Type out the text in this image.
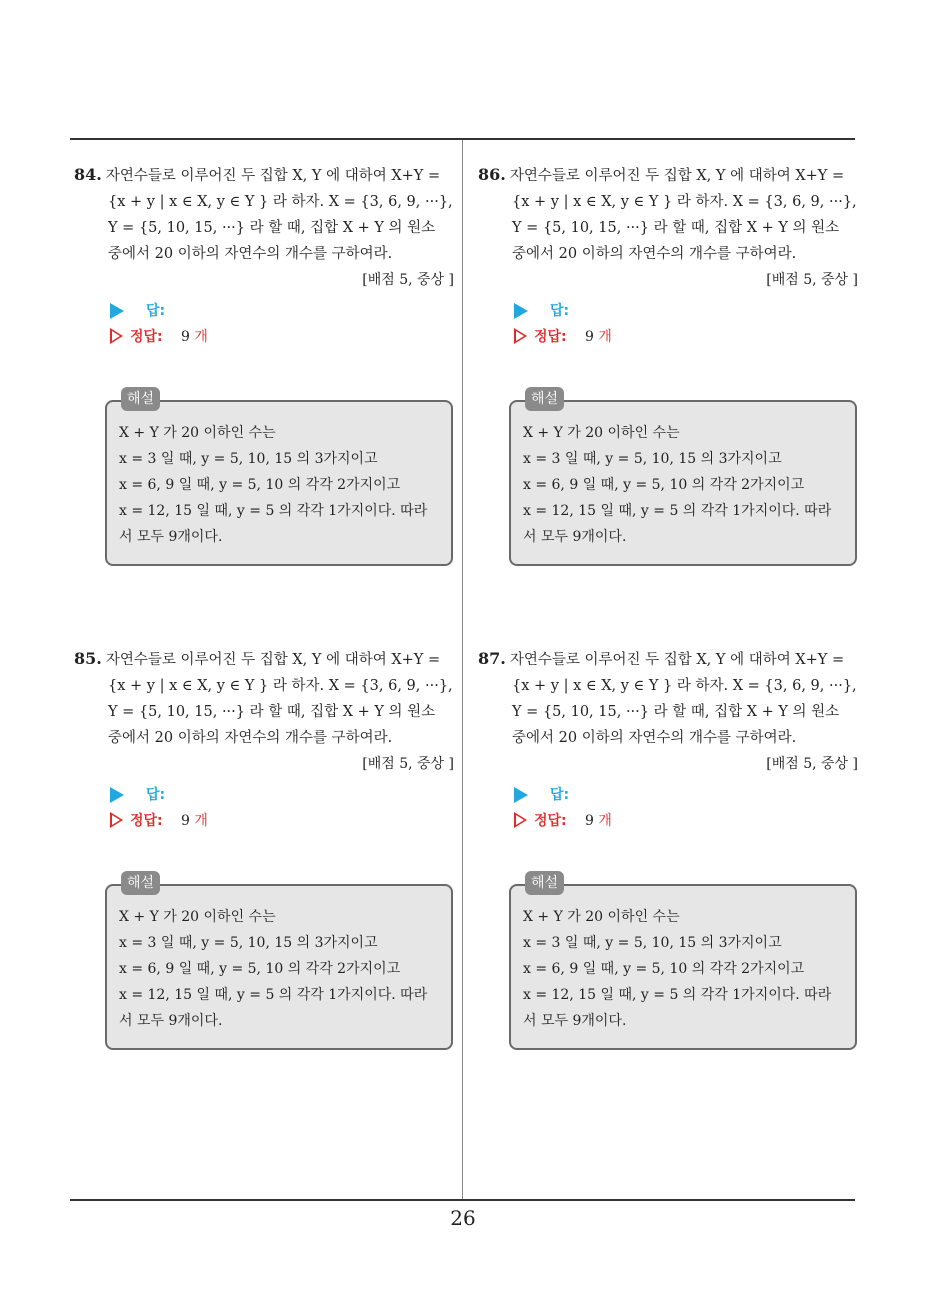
84. 자연수들로 이루어진 두 집합 X, Y 에 대하여 X+Y =
{x + y | x ∈ X, y ∈ Y } 라 하자. X = {3, 6, 9, ···},
Y = {5, 10, 15, ···} 라 할 때, 집합 X + Y 의 원소
중에서 20 이하의 자연수의 개수를 구하여라.
[배점 5, 중상 ]
답:
정답: 9 개
해설
X + Y 가 20 이하인 수는
x = 3 일 때, y = 5, 10, 15 의 3가지이고
x = 6, 9 일 때, y = 5, 10 의 각각 2가지이고
x = 12, 15 일 때, y = 5 의 각각 1가지이다. 따라
서 모두 9개이다.
86. 자연수들로 이루어진 두 집합 X, Y 에 대하여 X+Y =
{x + y | x ∈ X, y ∈ Y } 라 하자. X = {3, 6, 9, ···},
Y = {5, 10, 15, ···} 라 할 때, 집합 X + Y 의 원소
중에서 20 이하의 자연수의 개수를 구하여라.
[배점 5, 중상 ]
답:
정답: 9 개
해설
X + Y 가 20 이하인 수는
x = 3 일 때, y = 5, 10, 15 의 3가지이고
x = 6, 9 일 때, y = 5, 10 의 각각 2가지이고
x = 12, 15 일 때, y = 5 의 각각 1가지이다. 따라
서 모두 9개이다.
85. 자연수들로 이루어진 두 집합 X, Y 에 대하여 X+Y =
{x + y | x ∈ X, y ∈ Y } 라 하자. X = {3, 6, 9, ···},
Y = {5, 10, 15, ···} 라 할 때, 집합 X + Y 의 원소
중에서 20 이하의 자연수의 개수를 구하여라.
[배점 5, 중상 ]
답:
정답: 9 개
해설
X + Y 가 20 이하인 수는
x = 3 일 때, y = 5, 10, 15 의 3가지이고
x = 6, 9 일 때, y = 5, 10 의 각각 2가지이고
x = 12, 15 일 때, y = 5 의 각각 1가지이다. 따라
서 모두 9개이다.
87. 자연수들로 이루어진 두 집합 X, Y 에 대하여 X+Y =
{x + y | x ∈ X, y ∈ Y } 라 하자. X = {3, 6, 9, ···},
Y = {5, 10, 15, ···} 라 할 때, 집합 X + Y 의 원소
중에서 20 이하의 자연수의 개수를 구하여라.
[배점 5, 중상 ]
답:
정답: 9 개
해설
X + Y 가 20 이하인 수는
x = 3 일 때, y = 5, 10, 15 의 3가지이고
x = 6, 9 일 때, y = 5, 10 의 각각 2가지이고
x = 12, 15 일 때, y = 5 의 각각 1가지이다. 따라
서 모두 9개이다.
26
